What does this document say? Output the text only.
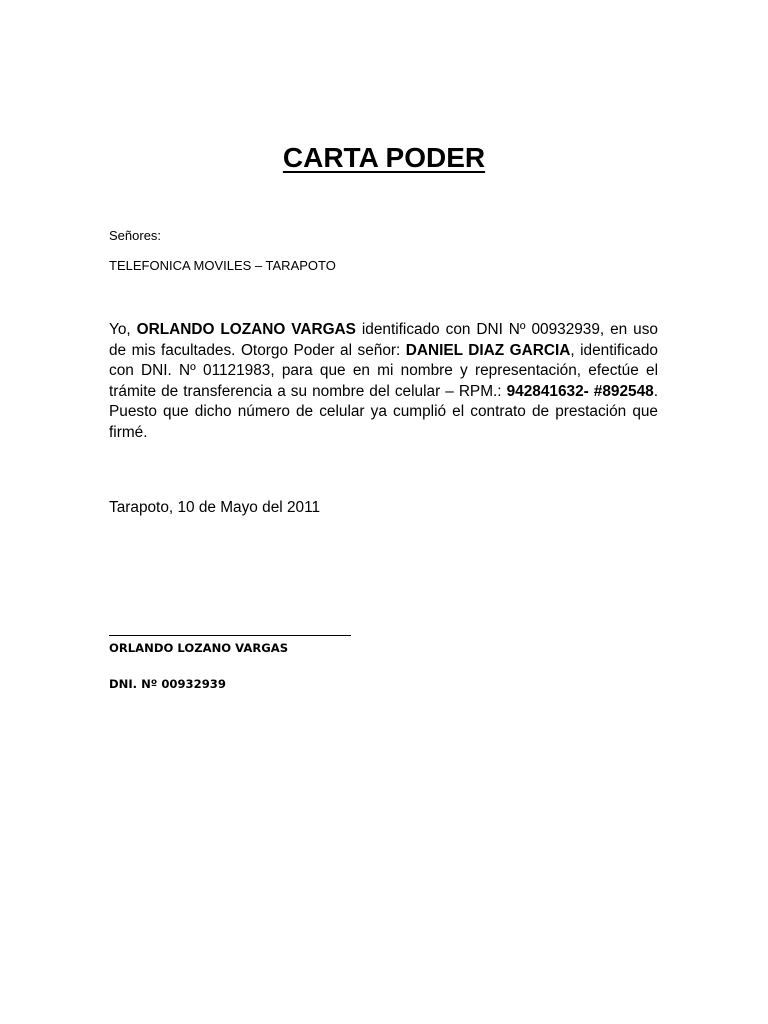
CARTA PODER
Señores:
TELEFONICA MOVILES – TARAPOTO
Yo, ORLANDO LOZANO VARGAS identificado con DNI Nº 00932939, en uso de mis facultades. Otorgo Poder al señor: DANIEL DIAZ GARCIA, identificado con DNI. Nº 01121983, para que en mi nombre y representación, efectúe el trámite de transferencia a su nombre del celular – RPM.: 942841632- #892548. Puesto que dicho número de celular ya cumplió el contrato de prestación que firmé.
Tarapoto, 10 de Mayo del 2011
ORLANDO LOZANO VARGAS
DNI. Nº 00932939
